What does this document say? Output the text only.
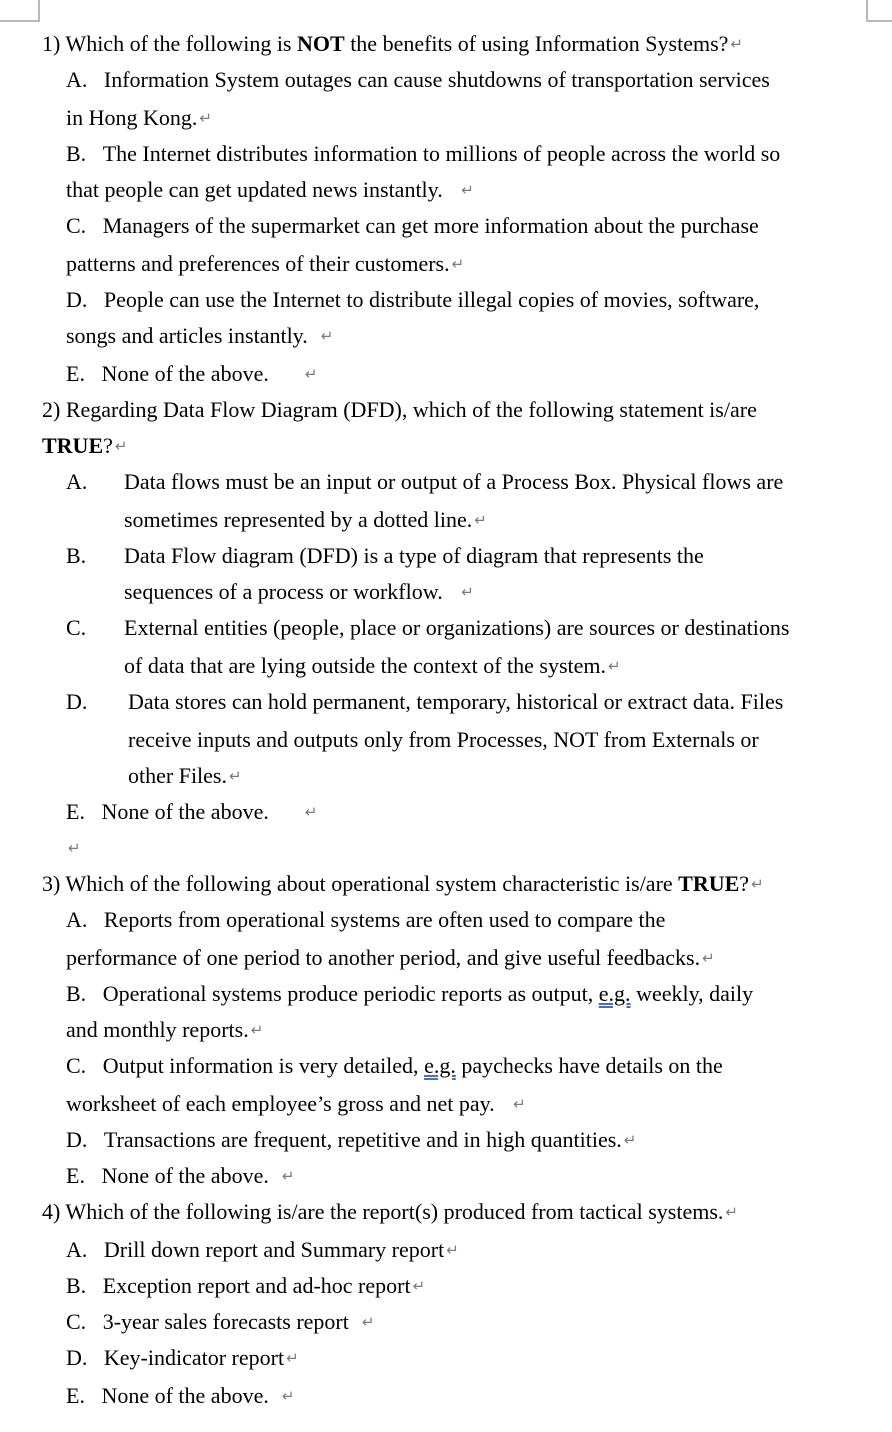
1) Which of the following is NOT the benefits of using Information Systems? ↵
A. Information System outages can cause shutdowns of transportation services
in Hong Kong. ↵
B. The Internet distributes information to millions of people across the world so
that people can get updated news instantly.   ↵
C. Managers of the supermarket can get more information about the purchase
patterns and preferences of their customers. ↵
D. People can use the Internet to distribute illegal copies of movies, software,
songs and articles instantly.  ↵
E. None of the above. ↵
2) Regarding Data Flow Diagram (DFD), which of the following statement is/are
TRUE? ↵
A. Data flows must be an input or output of a Process Box. Physical flows are
sometimes represented by a dotted line. ↵
B. Data Flow diagram (DFD) is a type of diagram that represents the
sequences of a process or workflow.   ↵
C. External entities (people, place or organizations) are sources or destinations
of data that are lying outside the context of the system. ↵
D. Data stores can hold permanent, temporary, historical or extract data. Files
receive inputs and outputs only from Processes, NOT from Externals or
other Files. ↵
E. None of the above. ↵
↵
3) Which of the following about operational system characteristic is/are TRUE? ↵
A. Reports from operational systems are often used to compare the
performance of one period to another period, and give useful feedbacks. ↵
B. Operational systems produce periodic reports as output, e.g. weekly, daily
and monthly reports. ↵
C. Output information is very detailed, e.g. paychecks have details on the
worksheet of each employee’s gross and net pay.   ↵
D. Transactions are frequent, repetitive and in high quantities. ↵
E. None of the above.  ↵
4) Which of the following is/are the report(s) produced from tactical systems. ↵
A. Drill down report and Summary report ↵
B. Exception report and ad-hoc report ↵
C. 3-year sales forecasts report  ↵
D. Key-indicator report ↵
E. None of the above.  ↵
